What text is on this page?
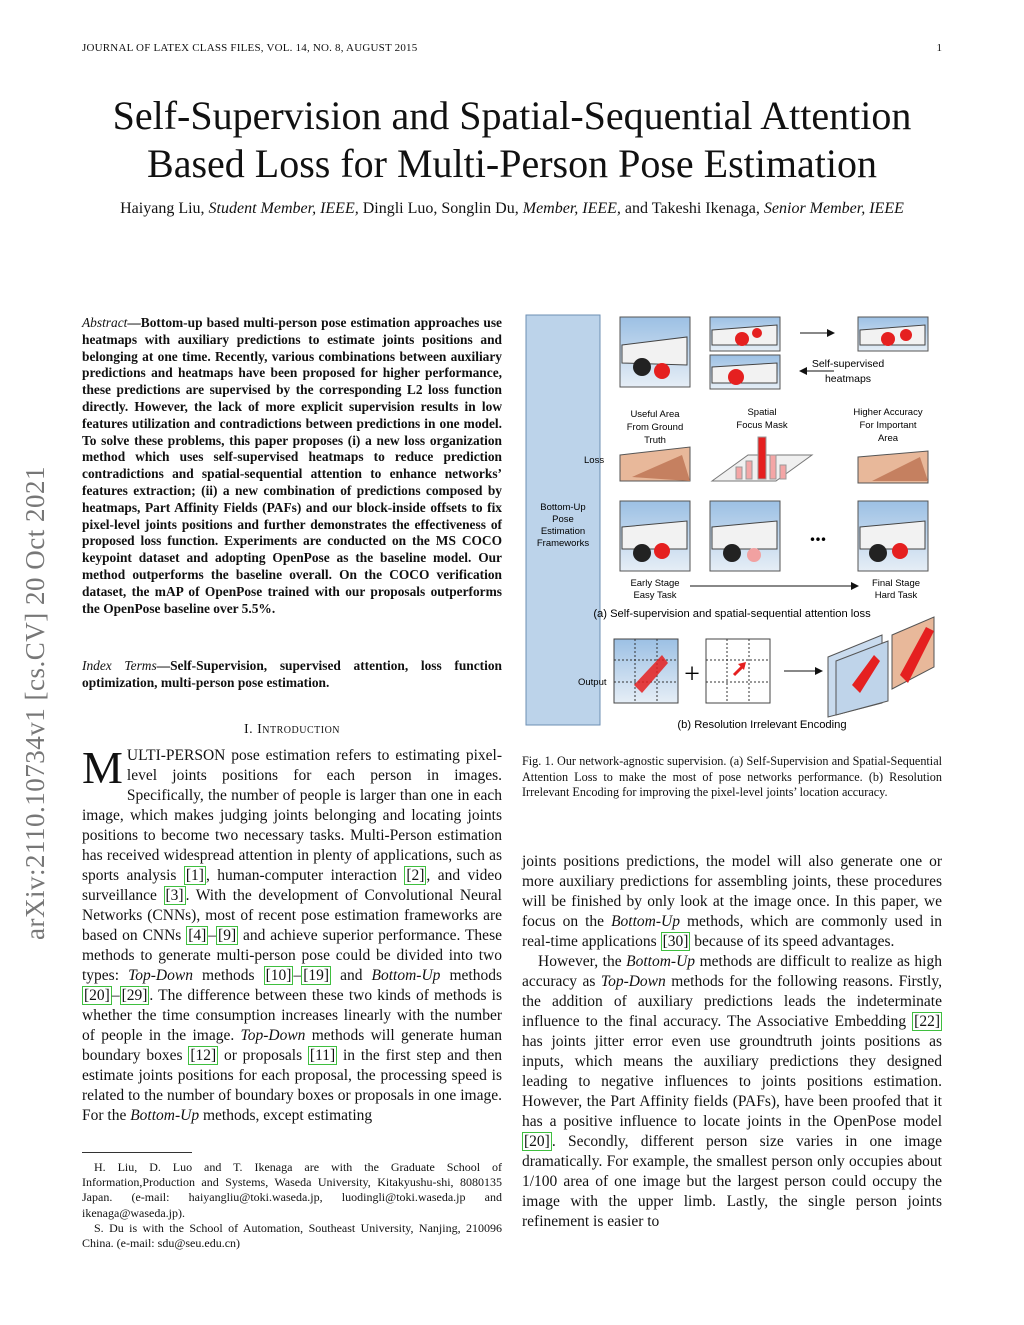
JOURNAL OF LATEX CLASS FILES, VOL. 14, NO. 8, AUGUST 2015	1
Self-Supervision and Spatial-Sequential Attention
Based Loss for Multi-Person Pose Estimation
Haiyang Liu, Student Member, IEEE, Dingli Luo, Songlin Du, Member, IEEE, and Takeshi Ikenaga, Senior Member, IEEE
arXiv:2110.10734v1 [cs.CV] 20 Oct 2021
Abstract—Bottom-up based multi-person pose estimation approaches use heatmaps with auxiliary predictions to estimate joints positions and belonging at one time. Recently, various combinations between auxiliary predictions and heatmaps have been proposed for higher performance, these predictions are supervised by the corresponding L2 loss function directly. However, the lack of more explicit supervision results in low features utilization and contradictions between predictions in one model. To solve these problems, this paper proposes (i) a new loss organization method which uses self-supervised heatmaps to reduce prediction contradictions and spatial-sequential attention to enhance networks’ features extraction; (ii) a new combination of predictions composed by heatmaps, Part Affinity Fields (PAFs) and our block-inside offsets to fix pixel-level joints positions and further demonstrates the effectiveness of proposed loss function. Experiments are conducted on the MS COCO keypoint dataset and adopting OpenPose as the baseline model. Our method outperforms the baseline overall. On the COCO verification dataset, the mAP of OpenPose trained with our proposals outperforms the OpenPose baseline over 5.5%.
Index Terms—Self-Supervision, supervised attention, loss function optimization, multi-person pose estimation.
I. Introduction
MULTI-PERSON pose estimation refers to estimating pixel-level joints positions for each person in images. Specifically, the number of people is larger than one in each image, which makes judging joints belonging and locating joints positions to become two necessary tasks. Multi-Person estimation has received widespread attention in plenty of applications, such as sports analysis [1] , human-computer interaction [2] , and video surveillance [3] . With the development of Convolutional Neural Networks (CNNs), most of recent pose estimation frameworks are based on CNNs [4] – [9] and achieve superior performance. These methods to generate multi-person pose could be divided into two types: Top-Down methods [10] – [19] and Bottom-Up methods [20] – [29] . The difference between these two kinds of methods is whether the time consumption increases linearly with the number of people in the image. Top-Down methods will generate human boundary boxes [12] or proposals [11] in the first step and then estimate joints positions for each proposal, the processing speed is related to the number of boundary boxes or proposals in one image. For the Bottom-Up methods, except estimating

H. Liu, D. Luo and T. Ikenaga are with the Graduate School of Information,Production and Systems, Waseda University, Kitakyushu-shi, 8080135 Japan. (e-mail: haiyangliu@toki.waseda.jp, luodingli@toki.waseda.jp and ikenaga@waseda.jp).

S. Du is with the School of Automation, Southeast University, Nanjing, 210096 China. (e-mail: sdu@seu.edu.cn)

Bottom-Up
Pose
Estimation
Frameworks
Self-supervised
heatmaps
Useful Area
From Ground
Truth
Spatial
Focus Mask
Higher Accuracy
For Important
Area
Loss
...
Early Stage
Easy Task
Final Stage
Hard Task
(a) Self-supervision and spatial-sequential attention loss
Output	+
(b) Resolution Irrelevant Encoding
Fig. 1. Our network-agnostic supervision. (a) Self-Supervision and Spatial-Sequential Attention Loss to make the most of pose networks performance. (b) Resolution Irrelevant Encoding for improving the pixel-level joints’ location accuracy.

joints positions predictions, the model will also generate one or more auxiliary predictions for assembling joints, these procedures will be finished by only look at the image once. In this paper, we focus on the Bottom-Up methods, which are commonly used in real-time applications [30] because of its speed advantages.

However, the Bottom-Up methods are difficult to realize as high accuracy as Top-Down methods for the following reasons. Firstly, the addition of auxiliary predictions leads the indeterminate influence to the final accuracy. The Associative Embedding [22] has joints jitter error even use groundtruth joints positions as inputs, which means the auxiliary predictions they designed leading to negative influences to joints positions estimation. However, the Part Affinity fields (PAFs), have been proofed that it has a positive influence to locate joints in the OpenPose model [20] . Secondly, different person size varies in one image dramatically. For example, the smallest person only occupies about 1/100 area of one image but the largest person could occupy the image with the upper limb. Lastly, the single person joints refinement is easier to
